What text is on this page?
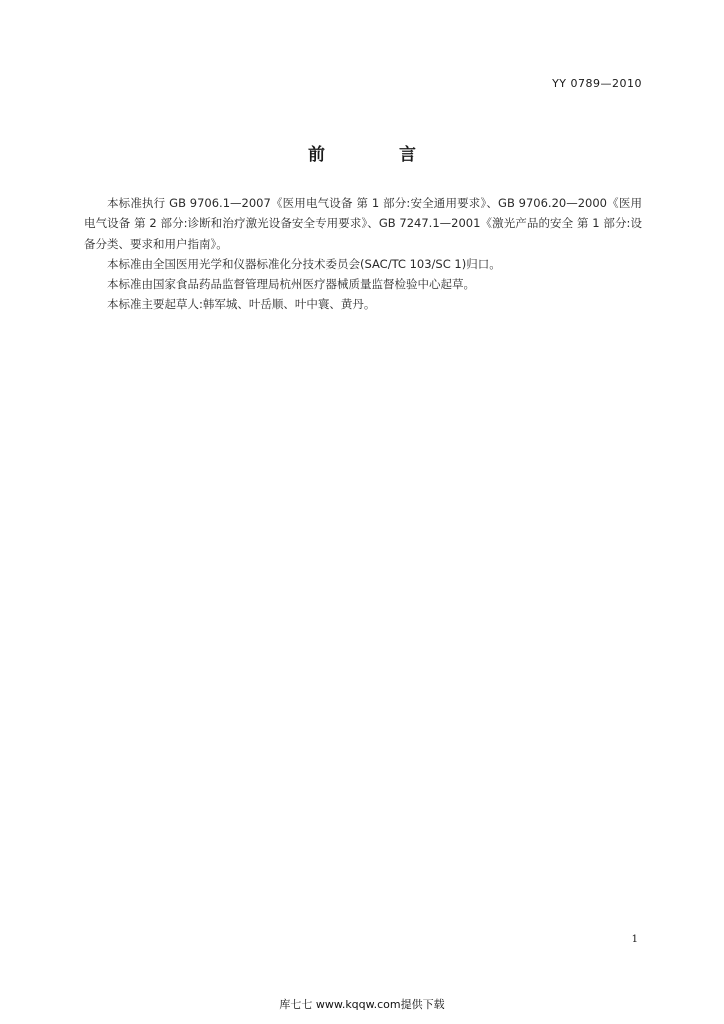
YY 0789—2010
前 言

本标准执行 GB 9706.1—2007《医用电气设备 第 1 部分:安全通用要求》、GB 9706.20—2000《医用电气设备 第 2 部分:诊断和治疗激光设备安全专用要求》、GB 7247.1—2001《激光产品的安全 第 1 部分:设备分类、要求和用户指南》。

本标准由全国医用光学和仪器标准化分技术委员会(SAC/TC 103/SC 1)归口。

本标准由国家食品药品监督管理局杭州医疗器械质量监督检验中心起草。

本标准主要起草人:韩军城、叶岳顺、叶中寰、黄丹。

1
库七七 www.kqqw.com提供下载
